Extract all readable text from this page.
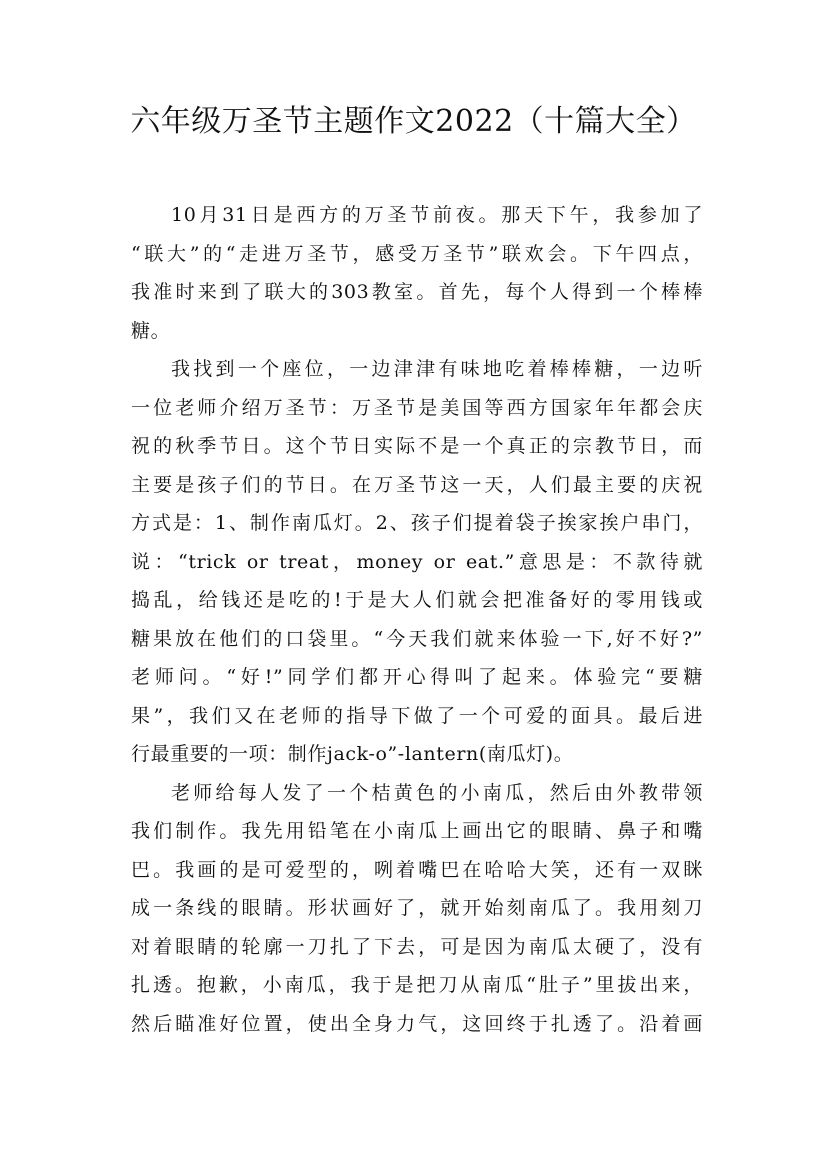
六年级万圣节主题作文2022（十篇大全）
10月31日是西方的万圣节前夜。那天下午，我参加了
“联大”的“走进万圣节，感受万圣节”联欢会。下午四点，
我准时来到了联大的303教室。首先，每个人得到一个棒棒
糖。
我找到一个座位，一边津津有味地吃着棒棒糖，一边听
一位老师介绍万圣节：万圣节是美国等西方国家年年都会庆
祝的秋季节日。这个节日实际不是一个真正的宗教节日，而
主要是孩子们的节日。在万圣节这一天，人们最主要的庆祝
方式是：1、制作南瓜灯。2、孩子们提着袋子挨家挨户串门，
说：“trick or treat，money or eat.”意思是：不款待就
捣乱，给钱还是吃的!于是大人们就会把准备好的零用钱或
糖果放在他们的口袋里。“今天我们就来体验一下,好不好?”
老师问。“好!”同学们都开心得叫了起来。体验完“要糖
果”，我们又在老师的指导下做了一个可爱的面具。最后进
行最重要的一项：制作jack-o”-lantern(南瓜灯)。
老师给每人发了一个桔黄色的小南瓜，然后由外教带领
我们制作。我先用铅笔在小南瓜上画出它的眼睛、鼻子和嘴
巴。我画的是可爱型的，咧着嘴巴在哈哈大笑，还有一双眯
成一条线的眼睛。形状画好了，就开始刻南瓜了。我用刻刀
对着眼睛的轮廓一刀扎了下去，可是因为南瓜太硬了，没有
扎透。抱歉，小南瓜，我于是把刀从南瓜“肚子”里拔出来，
然后瞄准好位置，使出全身力气，这回终于扎透了。沿着画
